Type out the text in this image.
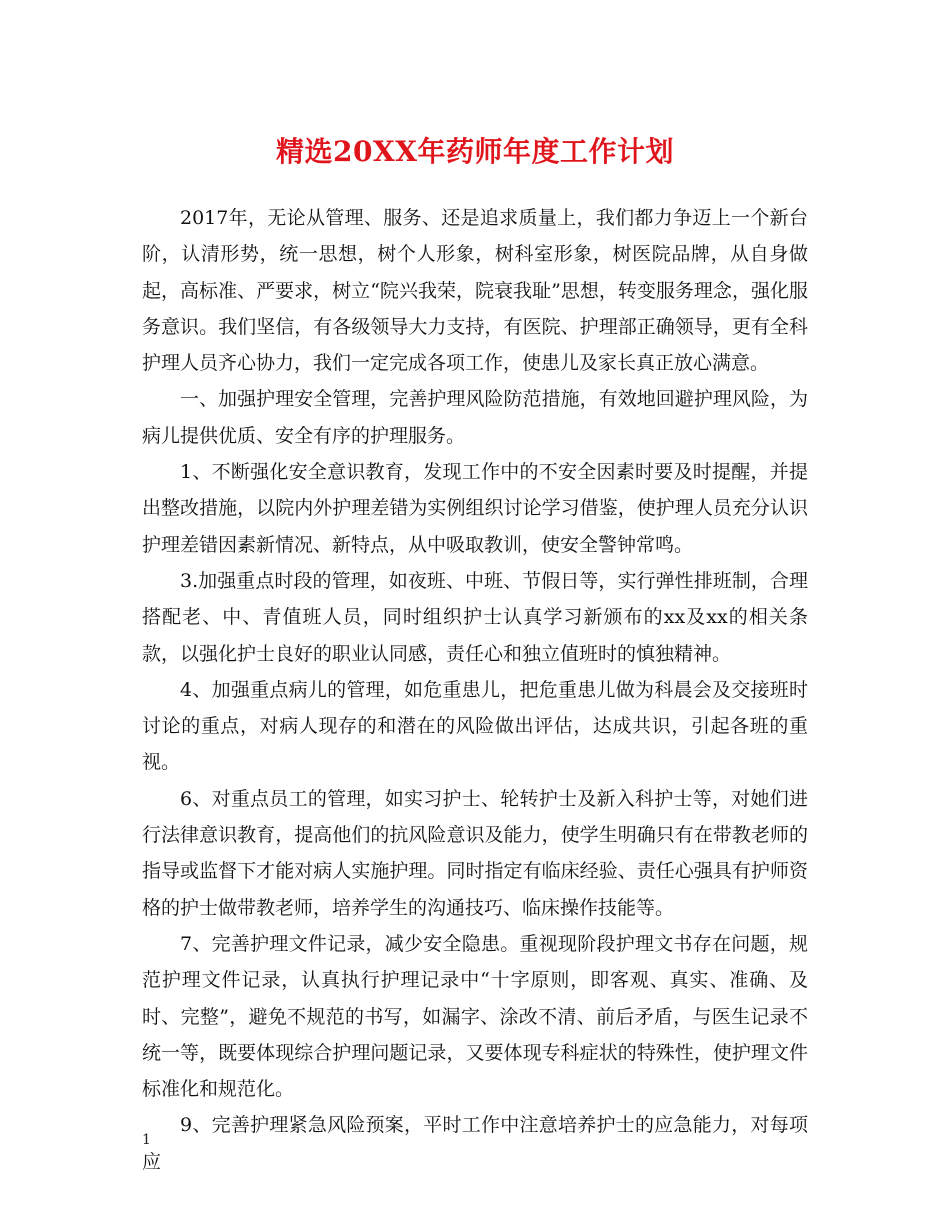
精选20XX年药师年度工作计划

2017年，无论从管理、服务、还是追求质量上，我们都力争迈上一个新台阶，认清形势，统一思想，树个人形象，树科室形象，树医院品牌，从自身做起，高标准、严要求，树立“院兴我荣，院衰我耻”思想，转变服务理念，强化服务意识。我们坚信，有各级领导大力支持，有医院、护理部正确领导，更有全科护理人员齐心协力，我们一定完成各项工作，使患儿及家长真正放心满意。

一、加强护理安全管理，完善护理风险防范措施，有效地回避护理风险，为病儿提供优质、安全有序的护理服务。

1、不断强化安全意识教育，发现工作中的不安全因素时要及时提醒，并提出整改措施，以院内外护理差错为实例组织讨论学习借鉴，使护理人员充分认识护理差错因素新情况、新特点，从中吸取教训，使安全警钟常鸣。

3.加强重点时段的管理，如夜班、中班、节假日等，实行弹性排班制，合理搭配老、中、青值班人员，同时组织护士认真学习新颁布的xx及xx的相关条款，以强化护士良好的职业认同感，责任心和独立值班时的慎独精神。

4、加强重点病儿的管理，如危重患儿，把危重患儿做为科晨会及交接班时讨论的重点，对病人现存的和潜在的风险做出评估，达成共识，引起各班的重视。

6、对重点员工的管理，如实习护士、轮转护士及新入科护士等，对她们进行法律意识教育，提高他们的抗风险意识及能力，使学生明确只有在带教老师的指导或监督下才能对病人实施护理。同时指定有临床经验、责任心强具有护师资格的护士做带教老师，培养学生的沟通技巧、临床操作技能等。

7、完善护理文件记录，减少安全隐患。重视现阶段护理文书存在问题，规范护理文件记录，认真执行护理记录中“十字原则，即客观、真实、准确、及时、完整”，避免不规范的书写，如漏字、涂改不清、前后矛盾，与医生记录不统一等，既要体现综合护理问题记录，又要体现专科症状的特殊性，使护理文件标准化和规范化。

9、完善护理紧急风险预案，平时工作中注意培养护士的应急能力，对每项应

1
